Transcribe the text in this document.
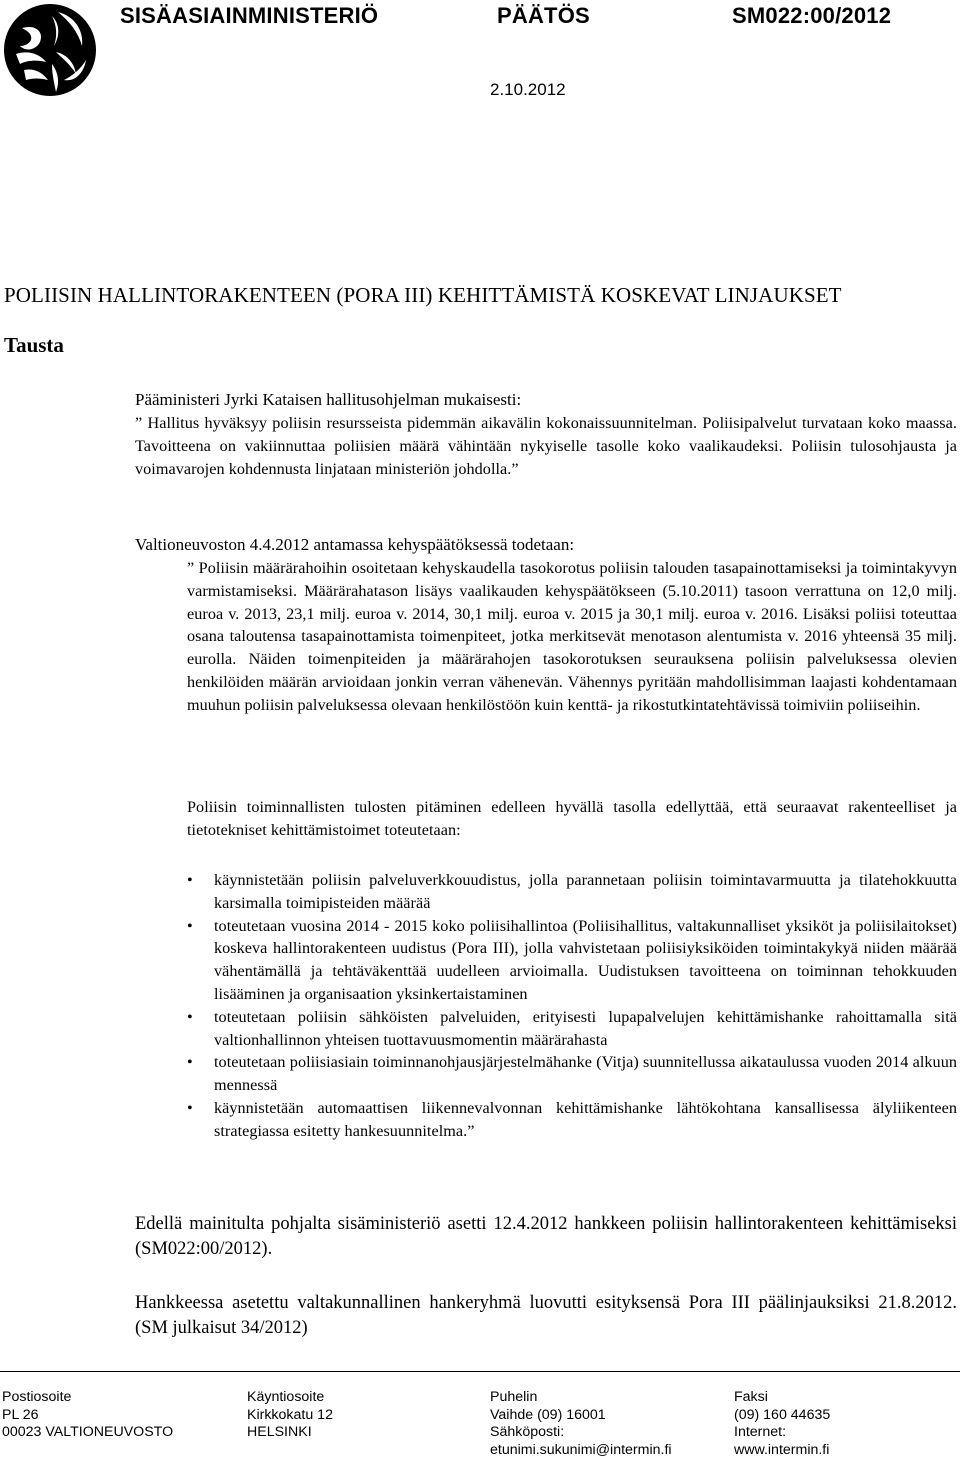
SISÄASIAINMINISTERIÖ	PÄÄTÖS	SM022:00/2012
2.10.2012
POLIISIN HALLINTORAKENTEEN (PORA III) KEHITTÄMISTÄ KOSKEVAT LINJAUKSET
Tausta
Pääministeri Jyrki Kataisen hallitusohjelman mukaisesti:
” Hallitus hyväksyy poliisin resursseista pidemmän aikavälin kokonaissuunnitelman. Poliisipalvelut turvataan koko maassa. Tavoitteena on vakiinnuttaa poliisien määrä vähintään nykyiselle tasolle koko vaalikaudeksi. Poliisin tulosohjausta ja voimavarojen kohdennusta linjataan ministeriön johdolla.”
Valtioneuvoston 4.4.2012 antamassa kehyspäätöksessä todetaan:
” Poliisin määrärahoihin osoitetaan kehyskaudella tasokorotus poliisin talouden tasapainottamiseksi ja toimintakyvyn varmistamiseksi. Määrärahatason lisäys vaalikauden kehyspäätökseen (5.10.2011) tasoon verrattuna on 12,0 milj. euroa v. 2013, 23,1 milj. euroa v. 2014, 30,1 milj. euroa v. 2015 ja 30,1 milj. euroa v. 2016. Lisäksi poliisi toteuttaa osana taloutensa tasapainottamista toimenpiteet, jotka merkitsevät menotason alentumista v. 2016 yhteensä 35 milj. eurolla. Näiden toimenpiteiden ja määrärahojen tasokorotuksen seurauksena poliisin palveluksessa olevien henkilöiden määrän arvioidaan jonkin verran vähenevän. Vähennys pyritään mahdollisimman laajasti kohdentamaan muuhun poliisin palveluksessa olevaan henkilöstöön kuin kenttä- ja rikostutkintatehtävissä toimiviin poliiseihin.
Poliisin toiminnallisten tulosten pitäminen edelleen hyvällä tasolla edellyttää, että seuraavat rakenteelliset ja tietotekniset kehittämistoimet toteutetaan:
• käynnistetään poliisin palveluverkkouudistus, jolla parannetaan poliisin toimintavarmuutta ja tilatehokkuutta karsimalla toimipisteiden määrää
• toteutetaan vuosina 2014 - 2015 koko poliisihallintoa (Poliisihallitus, valtakunnalliset yksiköt ja poliisilaitokset) koskeva hallintorakenteen uudistus (Pora III), jolla vahvistetaan poliisiyksiköiden toimintakykyä niiden määrää vähentämällä ja tehtäväkenttää uudelleen arvioimalla. Uudistuksen tavoitteena on toiminnan tehokkuuden lisääminen ja organisaation yksinkertaistaminen
• toteutetaan poliisin sähköisten palveluiden, erityisesti lupapalvelujen kehittämishanke rahoittamalla sitä valtionhallinnon yhteisen tuottavuusmomentin määrärahasta
• toteutetaan poliisiasiain toiminnanohjausjärjestelmähanke (Vitja) suunnitellussa aikataulussa vuoden 2014 alkuun mennessä
• käynnistetään automaattisen liikennevalvonnan kehittämishanke lähtökohtana kansallisessa älyliikenteen strategiassa esitetty hankesuunnitelma.”
Edellä mainitulta pohjalta sisäministeriö asetti 12.4.2012 hankkeen poliisin hallintorakenteen kehittämiseksi (SM022:00/2012).
Hankkeessa asetettu valtakunnallinen hankeryhmä luovutti esityksensä Pora III päälinjauksiksi 21.8.2012. (SM julkaisut 34/2012)
Postiosoite
PL 26
00023 VALTIONEUVOSTO
Käyntiosoite
Kirkkokatu 12
HELSINKI
Puhelin
Vaihde (09) 16001
Sähköposti:
etunimi.sukunimi@intermin.fi
Faksi
(09) 160 44635
Internet:
www.intermin.fi
